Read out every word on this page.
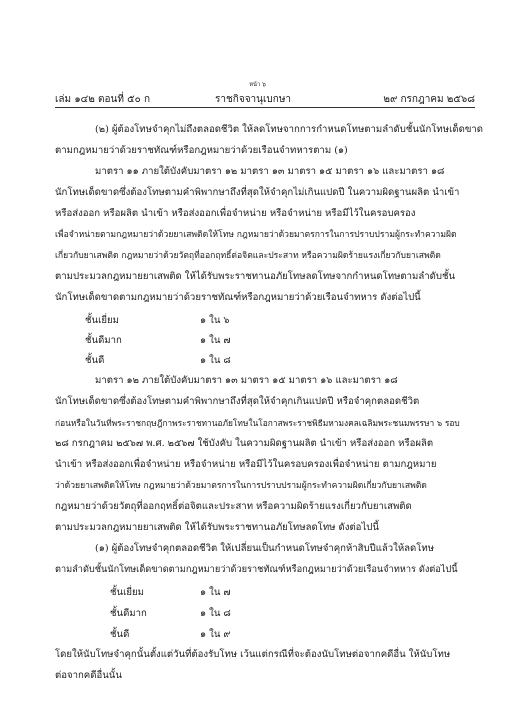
หน้า ๖
เล่ม ๑๔๒ ตอนที่ ๕๐ ก	ราชกิจจานุเบกษา	๒๙ กรกฎาคม ๒๕๖๘
(๒) ผู้ต้องโทษจำคุกไม่ถึงตลอดชีวิต ให้ลดโทษจากการกำหนดโทษตามลำดับชั้นนักโทษเด็ดขาด
ตามกฎหมายว่าด้วยราชทัณฑ์หรือกฎหมายว่าด้วยเรือนจำทหารตาม (๑)
มาตรา ๑๑ ภายใต้บังคับมาตรา ๑๒ มาตรา ๑๓ มาตรา ๑๕ มาตรา ๑๖ และมาตรา ๑๘
นักโทษเด็ดขาดซึ่งต้องโทษตามคำพิพากษาถึงที่สุดให้จำคุกไม่เกินแปดปี ในความผิดฐานผลิต นำเข้า
หรือส่งออก หรือผลิต นำเข้า หรือส่งออกเพื่อจำหน่าย หรือจำหน่าย หรือมีไว้ในครอบครอง
เพื่อจำหน่ายตามกฎหมายว่าด้วยยาเสพติดให้โทษ กฎหมายว่าด้วยมาตรการในการปราบปรามผู้กระทำความผิด
เกี่ยวกับยาเสพติด กฎหมายว่าด้วยวัตถุที่ออกฤทธิ์ต่อจิตและประสาท หรือความผิดร้ายแรงเกี่ยวกับยาเสพติด
ตามประมวลกฎหมายยาเสพติด ให้ได้รับพระราชทานอภัยโทษลดโทษจากกำหนดโทษตามลำดับชั้น
นักโทษเด็ดขาดตามกฎหมายว่าด้วยราชทัณฑ์หรือกฎหมายว่าด้วยเรือนจำทหาร ดังต่อไปนี้
ชั้นเยี่ยม	๑ ใน ๖
ชั้นดีมาก	๑ ใน ๗
ชั้นดี	๑ ใน ๘
มาตรา ๑๒ ภายใต้บังคับมาตรา ๑๓ มาตรา ๑๕ มาตรา ๑๖ และมาตรา ๑๘
นักโทษเด็ดขาดซึ่งต้องโทษตามคำพิพากษาถึงที่สุดให้จำคุกเกินแปดปี หรือจำคุกตลอดชีวิต
ก่อนหรือในวันที่พระราชกฤษฎีกาพระราชทานอภัยโทษในโอกาสพระราชพิธีมหามงคลเฉลิมพระชนมพรรษา ๖ รอบ
๒๘ กรกฎาคม ๒๕๖๗ พ.ศ. ๒๕๖๗ ใช้บังคับ ในความผิดฐานผลิต นำเข้า หรือส่งออก หรือผลิต
นำเข้า หรือส่งออกเพื่อจำหน่าย หรือจำหน่าย หรือมีไว้ในครอบครองเพื่อจำหน่าย ตามกฎหมาย
ว่าด้วยยาเสพติดให้โทษ กฎหมายว่าด้วยมาตรการในการปราบปรามผู้กระทำความผิดเกี่ยวกับยาเสพติด
กฎหมายว่าด้วยวัตถุที่ออกฤทธิ์ต่อจิตและประสาท หรือความผิดร้ายแรงเกี่ยวกับยาเสพติด
ตามประมวลกฎหมายยาเสพติด ให้ได้รับพระราชทานอภัยโทษลดโทษ ดังต่อไปนี้
(๑) ผู้ต้องโทษจำคุกตลอดชีวิต ให้เปลี่ยนเป็นกำหนดโทษจำคุกห้าสิบปีแล้วให้ลดโทษ
ตามลำดับชั้นนักโทษเด็ดขาดตามกฎหมายว่าด้วยราชทัณฑ์หรือกฎหมายว่าด้วยเรือนจำทหาร ดังต่อไปนี้
ชั้นเยี่ยม	๑ ใน ๗
ชั้นดีมาก	๑ ใน ๘
ชั้นดี	๑ ใน ๙
โดยให้นับโทษจำคุกนั้นตั้งแต่วันที่ต้องรับโทษ เว้นแต่กรณีที่จะต้องนับโทษต่อจากคดีอื่น ให้นับโทษ
ต่อจากคดีอื่นนั้น
